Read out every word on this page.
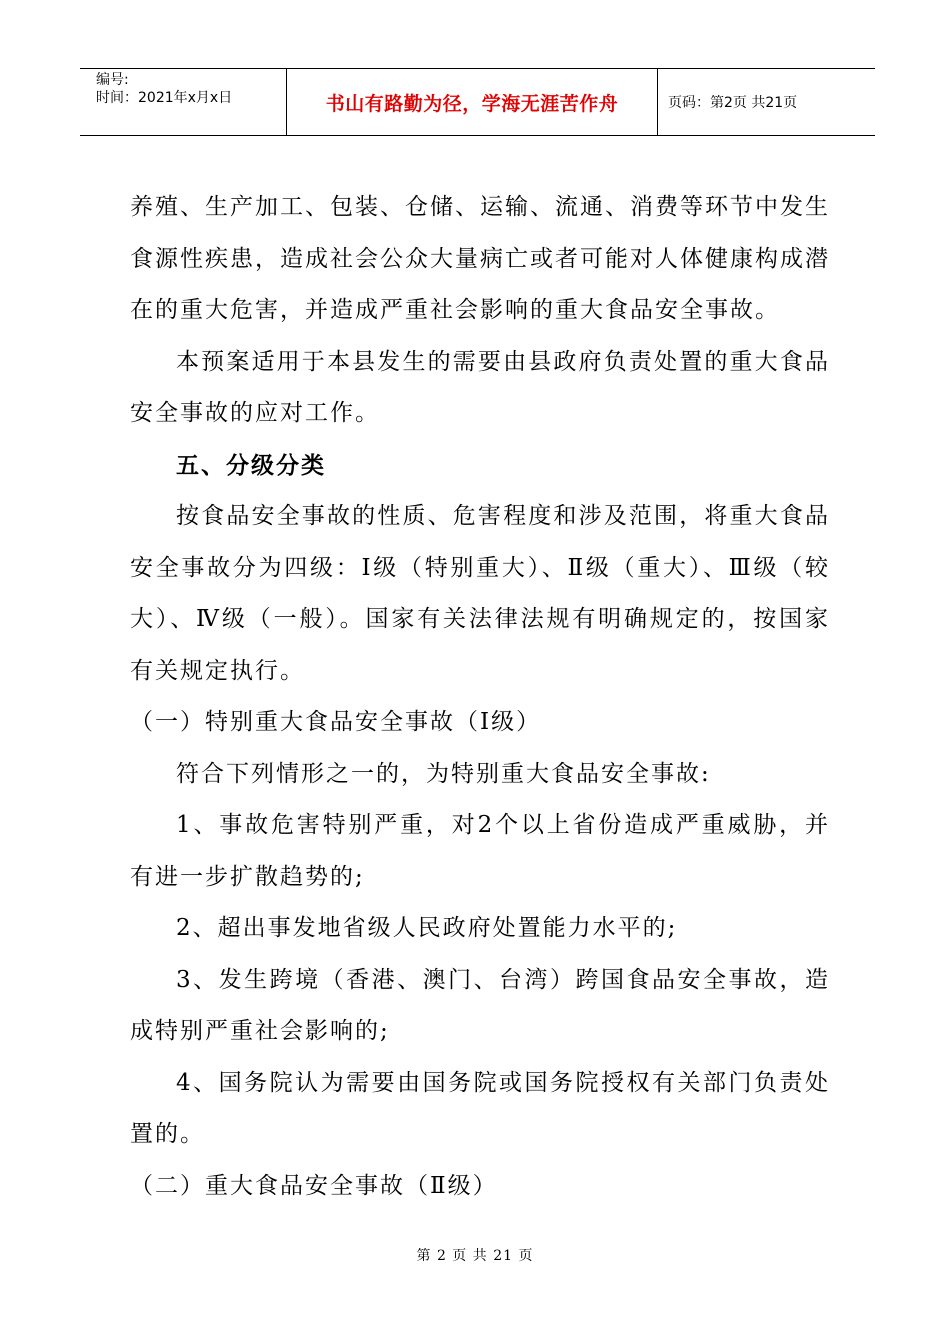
编号:
时间：2021年x月x日	书山有路勤为径，学海无涯苦作舟	页码：第2页 共21页

养殖、生产加工、包装、仓储、运输、流通、消费等环节中发生食源性疾患，造成社会公众大量病亡或者可能对人体健康构成潜在的重大危害，并造成严重社会影响的重大食品安全事故。

本预案适用于本县发生的需要由县政府负责处置的重大食品安全事故的应对工作。

五、分级分类

按食品安全事故的性质、危害程度和涉及范围，将重大食品安全事故分为四级：Ⅰ级（特别重大）、Ⅱ级（重大）、Ⅲ级（较大）、Ⅳ级（一般）。国家有关法律法规有明确规定的，按国家有关规定执行。

（一）特别重大食品安全事故（Ⅰ级）

符合下列情形之一的，为特别重大食品安全事故:

1、事故危害特别严重，对2个以上省份造成严重威胁，并有进一步扩散趋势的;

2、超出事发地省级人民政府处置能力水平的;

3、发生跨境（香港、澳门、台湾）跨国食品安全事故，造成特别严重社会影响的;

4、国务院认为需要由国务院或国务院授权有关部门负责处置的。

（二）重大食品安全事故（Ⅱ级）

第 2 页 共 21 页
